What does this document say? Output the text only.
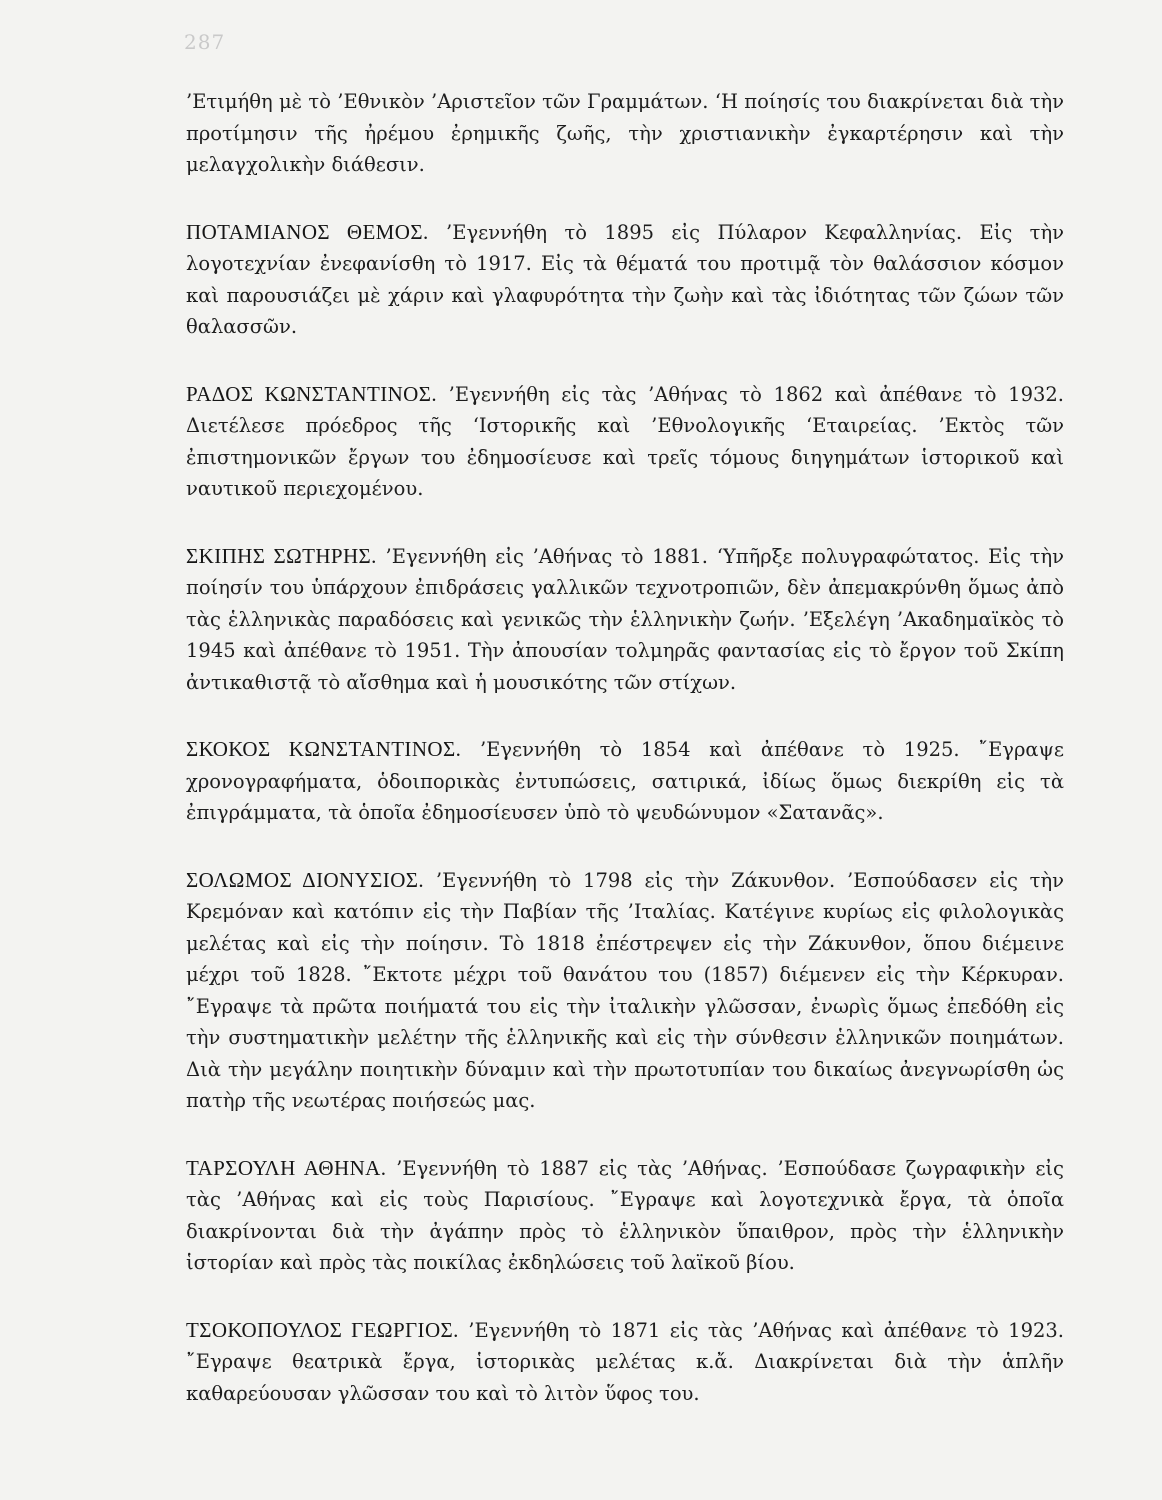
287

’Ετιμήθη μὲ τὸ ’Εθνικὸν ’Αριστεῖον τῶν Γραμμάτων. ‘Η ποίησίς του διακρίνεται διὰ τὴν προτίμησιν τῆς ἠρέμου ἐρημικῆς ζωῆς, τὴν χριστιανικὴν ἐγκαρτέρησιν καὶ τὴν μελαγχολικὴν διάθεσιν.

ΠΟΤΑΜΙΑΝΟΣ ΘΕΜΟΣ. ’Εγεννήθη τὸ 1895 εἰς Πύλαρον Κεφαλληνίας. Εἰς τὴν λογοτεχνίαν ἐνεφανίσθη τὸ 1917. Εἰς τὰ θέματά του προτιμᾷ τὸν θαλάσσιον κόσμον καὶ παρουσιάζει μὲ χάριν καὶ γλαφυρότητα τὴν ζωὴν καὶ τὰς ἰδιότητας τῶν ζώων τῶν θαλασσῶν.

ΡΑΔΟΣ ΚΩΝΣΤΑΝΤΙΝΟΣ. ’Εγεννήθη εἰς τὰς ’Αθήνας τὸ 1862 καὶ ἀπέθανε τὸ 1932. Διετέλεσε πρόεδρος τῆς ‘Ιστορικῆς καὶ ’Εθνολογικῆς ‘Εταιρείας. ’Εκτὸς τῶν ἐπιστημονικῶν ἔργων του ἐδημοσίευσε καὶ τρεῖς τόμους διηγημάτων ἱστορικοῦ καὶ ναυτικοῦ περιεχομένου.

ΣΚΙΠΗΣ ΣΩΤΗΡΗΣ. ’Εγεννήθη εἰς ’Αθήνας τὸ 1881. ‘Υπῆρξε πολυγραφώτατος. Εἰς τὴν ποίησίν του ὑπάρχουν ἐπιδράσεις γαλλικῶν τεχνοτροπιῶν, δὲν ἀπεμακρύνθη ὅμως ἀπὸ τὰς ἑλληνικὰς παραδόσεις καὶ γενικῶς τὴν ἑλληνικὴν ζωήν. ’Εξελέγη ’Ακαδημαϊκὸς τὸ 1945 καὶ ἀπέθανε τὸ 1951. Τὴν ἀπουσίαν τολμηρᾶς φαντασίας εἰς τὸ ἔργον τοῦ Σκίπη ἀντικαθιστᾷ τὸ αἴσθημα καὶ ἡ μουσικότης τῶν στίχων.

ΣΚΟΚΟΣ ΚΩΝΣΤΑΝΤΙΝΟΣ. ’Εγεννήθη τὸ 1854 καὶ ἀπέθανε τὸ 1925. ῎Εγραψε χρονογραφήματα, ὁδοιπορικὰς ἐντυπώσεις, σατιρικά, ἰδίως ὅμως διεκρίθη εἰς τὰ ἐπιγράμματα, τὰ ὁποῖα ἐδημοσίευσεν ὑπὸ τὸ ψευδώνυμον «Σατανᾶς».

ΣΟΛΩΜΟΣ ΔΙΟΝΥΣΙΟΣ. ’Εγεννήθη τὸ 1798 εἰς τὴν Ζάκυνθον. ’Εσπούδασεν εἰς τὴν Κρεμόναν καὶ κατόπιν εἰς τὴν Παβίαν τῆς ’Ιταλίας. Κατέγινε κυρίως εἰς φιλολογικὰς μελέτας καὶ εἰς τὴν ποίησιν. Τὸ 1818 ἐπέστρεψεν εἰς τὴν Ζάκυνθον, ὅπου διέμεινε μέχρι τοῦ 1828. ῎Εκτοτε μέχρι τοῦ θανάτου του (1857) διέμενεν εἰς τὴν Κέρκυραν. ῎Εγραψε τὰ πρῶτα ποιήματά του εἰς τὴν ἰταλικὴν γλῶσσαν, ἐνωρὶς ὅμως ἐπεδόθη εἰς τὴν συστηματικὴν μελέτην τῆς ἑλληνικῆς καὶ εἰς τὴν σύνθεσιν ἑλληνικῶν ποιημάτων. Διὰ τὴν μεγάλην ποιητικὴν δύναμιν καὶ τὴν πρωτοτυπίαν του δικαίως ἀνεγνωρίσθη ὡς πατὴρ τῆς νεωτέρας ποιήσεώς μας.

ΤΑΡΣΟΥΛΗ ΑΘΗΝΑ. ’Εγεννήθη τὸ 1887 εἰς τὰς ’Αθήνας. ’Εσπούδασε ζωγραφικὴν εἰς τὰς ’Αθήνας καὶ εἰς τοὺς Παρισίους. ῎Εγραψε καὶ λογοτεχνικὰ ἔργα, τὰ ὁποῖα διακρίνονται διὰ τὴν ἀγάπην πρὸς τὸ ἑλληνικὸν ὕπαιθρον, πρὸς τὴν ἑλληνικὴν ἱστορίαν καὶ πρὸς τὰς ποικίλας ἐκδηλώσεις τοῦ λαϊκοῦ βίου.

ΤΣΟΚΟΠΟΥΛΟΣ ΓΕΩΡΓΙΟΣ. ’Εγεννήθη τὸ 1871 εἰς τὰς ’Αθήνας καὶ ἀπέθανε τὸ 1923. ῎Εγραψε θεατρικὰ ἔργα, ἱστορικὰς μελέτας κ.ἄ. Διακρίνεται διὰ τὴν ἁπλῆν καθαρεύουσαν γλῶσσαν του καὶ τὸ λιτὸν ὕφος του.
